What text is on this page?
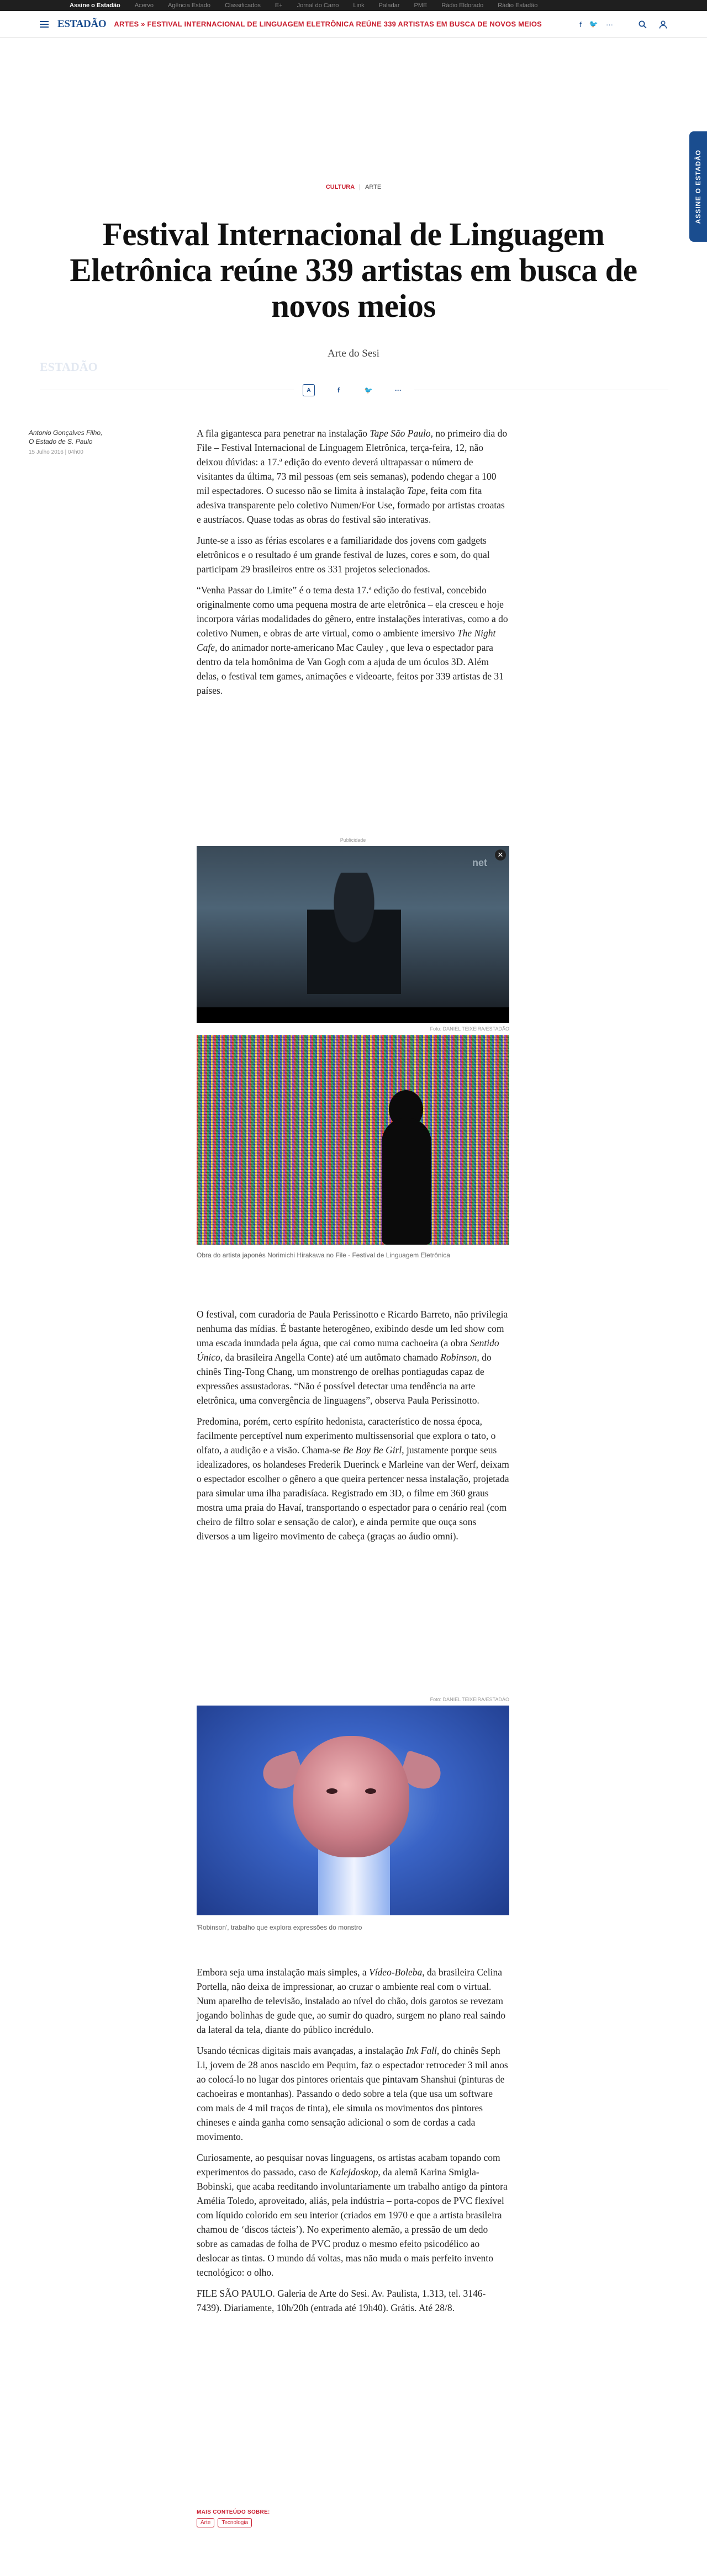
Assine o Estadão Acervo Agência Estado Classificados E+ Jornal do Carro Link Paladar PME Rádio Eldorado Rádio Estadão
ESTADÃO ARTES » FESTIVAL INTERNACIONAL DE LINGUAGEM ELETRÔNICA REÚNE 339 ARTISTAS EM BUSCA DE NOVOS MEIOS	f 🐦 ···
ASSINE O ESTADÃO
CULTURA | ARTE
Festival Internacional de Linguagem Eletrônica reúne 339 artistas em busca de novos meios
Arte do Sesi
ESTADÃO
A	f	🐦	···
Antonio Gonçalves Filho,
O Estado de S. Paulo
15 Julho 2016 | 04h00

A fila gigantesca para penetrar na instalação Tape São Paulo, no primeiro dia do File – Festival Internacional de Linguagem Eletrônica, terça-feira, 12, não deixou dúvidas: a 17.ª edição do evento deverá ultrapassar o número de visitantes da última, 73 mil pessoas (em seis semanas), podendo chegar a 100 mil espectadores. O sucesso não se limita à instalação Tape, feita com fita adesiva transparente pelo coletivo Numen/For Use, formado por artistas croatas e austríacos. Quase todas as obras do festival são interativas.

Junte-se a isso as férias escolares e a familiaridade dos jovens com gadgets eletrônicos e o resultado é um grande festival de luzes, cores e som, do qual participam 29 brasileiros entre os 331 projetos selecionados.

“Venha Passar do Limite” é o tema desta 17.ª edição do festival, concebido originalmente como uma pequena mostra de arte eletrônica – ela cresceu e hoje incorpora várias modalidades do gênero, entre instalações interativas, como a do coletivo Numen, e obras de arte virtual, como o ambiente imersivo The Night Cafe, do animador norte-americano Mac Cauley , que leva o espectador para dentro da tela homônima de Van Gogh com a ajuda de um óculos 3D. Além delas, o festival tem games, animações e videoarte, feitos por 339 artistas de 31 países.

Publicidade
net
✕
Foto: DANIEL TEIXEIRA/ESTADÃO
Obra do artista japonês Norimichi Hirakawa no File - Festival de Linguagem Eletrônica

O festival, com curadoria de Paula Perissinotto e Ricardo Barreto, não privilegia nenhuma das mídias. É bastante heterogêneo, exibindo desde um led show com uma escada inundada pela água, que cai como numa cachoeira (a obra Sentido Único, da brasileira Angella Conte) até um autômato chamado Robinson, do chinês Ting-Tong Chang, um monstrengo de orelhas pontiagudas capaz de expressões assustadoras. “Não é possível detectar uma tendência na arte eletrônica, uma convergência de linguagens”, observa Paula Perissinotto.

Predomina, porém, certo espírito hedonista, característico de nossa época, facilmente perceptível num experimento multissensorial que explora o tato, o olfato, a audição e a visão. Chama-se Be Boy Be Girl, justamente porque seus idealizadores, os holandeses Frederik Duerinck e Marleine van der Werf, deixam o espectador escolher o gênero a que queira pertencer nessa instalação, projetada para simular uma ilha paradisíaca. Registrado em 3D, o filme em 360 graus mostra uma praia do Havaí, transportando o espectador para o cenário real (com cheiro de filtro solar e sensação de calor), e ainda permite que ouça sons diversos a um ligeiro movimento de cabeça (graças ao áudio omni).

Foto: DANIEL TEIXEIRA/ESTADÃO
'Robinson', trabalho que explora expressões do monstro

Embora seja uma instalação mais simples, a Vídeo-Boleba, da brasileira Celina Portella, não deixa de impressionar, ao cruzar o ambiente real com o virtual. Num aparelho de televisão, instalado ao nível do chão, dois garotos se revezam jogando bolinhas de gude que, ao sumir do quadro, surgem no plano real saindo da lateral da tela, diante do público incrédulo.

Usando técnicas digitais mais avançadas, a instalação Ink Fall, do chinês Seph Li, jovem de 28 anos nascido em Pequim, faz o espectador retroceder 3 mil anos ao colocá-lo no lugar dos pintores orientais que pintavam Shanshui (pinturas de cachoeiras e montanhas). Passando o dedo sobre a tela (que usa um software com mais de 4 mil traços de tinta), ele simula os movimentos dos pintores chineses e ainda ganha como sensação adicional o som de cordas a cada movimento.

Curiosamente, ao pesquisar novas linguagens, os artistas acabam topando com experimentos do passado, caso de Kalejdoskop, da alemã Karina Smigla-Bobinski, que acaba reeditando involuntariamente um trabalho antigo da pintora Amélia Toledo, aproveitado, aliás, pela indústria – porta-copos de PVC flexível com líquido colorido em seu interior (criados em 1970 e que a artista brasileira chamou de ‘discos tácteis’). No experimento alemão, a pressão de um dedo sobre as camadas de folha de PVC produz o mesmo efeito psicodélico ao deslocar as tintas. O mundo dá voltas, mas não muda o mais perfeito invento tecnológico: o olho.

FILE SÃO PAULO. Galeria de Arte do Sesi. Av. Paulista, 1.313, tel. 3146-7439). Diariamente, 10h/20h (entrada até 19h40). Grátis. Até 28/8.

MAIS CONTEÚDO SOBRE:
Arte	Tecnologia
